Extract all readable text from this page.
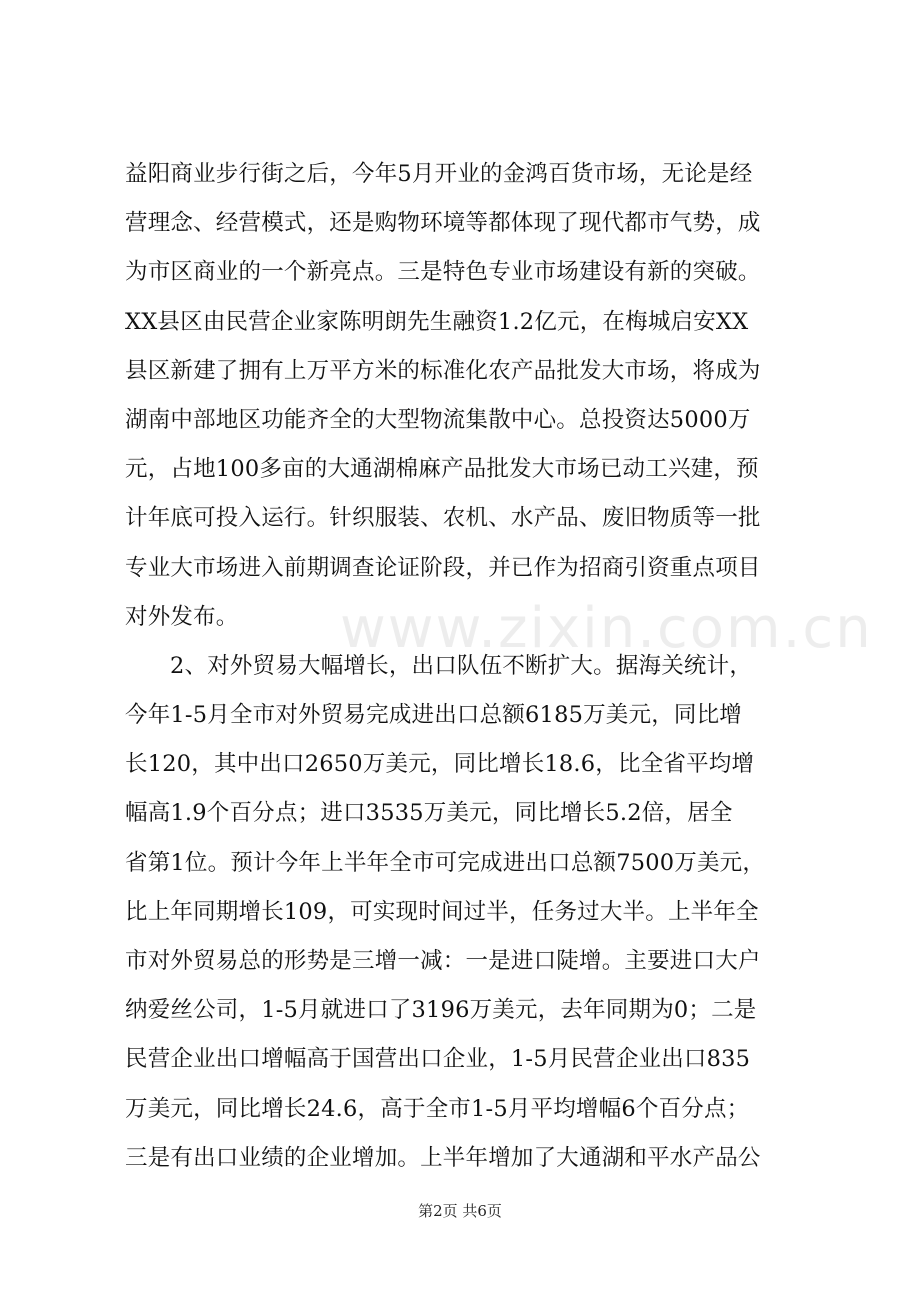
益阳商业步行街之后，今年5月开业的金鸿百货市场，无论是经
营理念、经营模式，还是购物环境等都体现了现代都市气势，成
为市区商业的一个新亮点。三是特色专业市场建设有新的突破。
XX县区由民营企业家陈明朗先生融资1.2亿元，在梅城启安XX
县区新建了拥有上万平方米的标准化农产品批发大市场，将成为
湖南中部地区功能齐全的大型物流集散中心。总投资达5000万
元，占地100多亩的大通湖棉麻产品批发大市场已动工兴建，预
计年底可投入运行。针织服装、农机、水产品、废旧物质等一批
专业大市场进入前期调查论证阶段，并已作为招商引资重点项目
对外发布。
2、对外贸易大幅增长，出口队伍不断扩大。据海关统计，
今年1-5月全市对外贸易完成进出口总额6185万美元，同比增
长120，其中出口2650万美元，同比增长18.6，比全省平均增
幅高1.9个百分点；进口3535万美元，同比增长5.2倍，居全
省第1位。预计今年上半年全市可完成进出口总额7500万美元，
比上年同期增长109，可实现时间过半，任务过大半。上半年全
市对外贸易总的形势是三增一减：一是进口陡增。主要进口大户
纳爱丝公司，1-5月就进口了3196万美元，去年同期为0；二是
民营企业出口增幅高于国营出口企业，1-5月民营企业出口835
万美元，同比增长24.6，高于全市1-5月平均增幅6个百分点；
三是有出口业绩的企业增加。上半年增加了大通湖和平水产品公
www.zixin.com.cn
第2页 共6页
